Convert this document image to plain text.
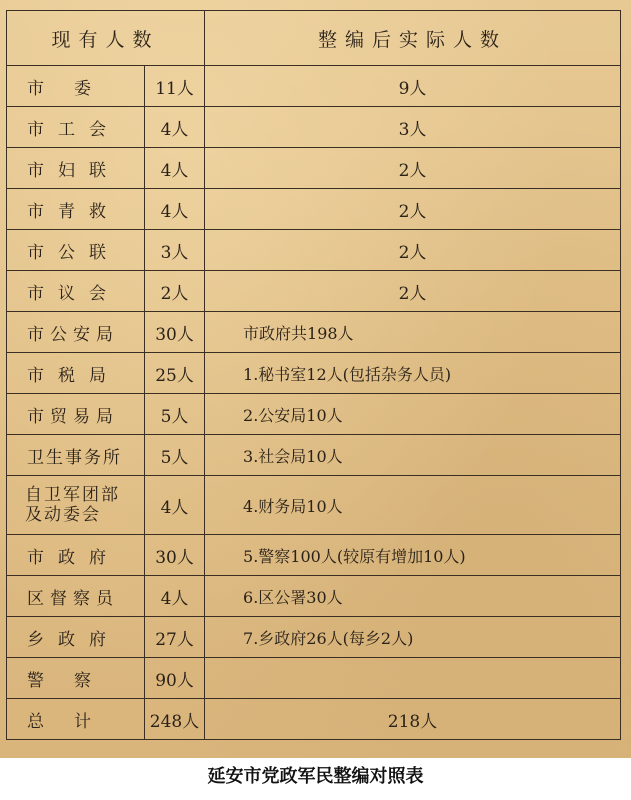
现有人数		整编后实际人数
市委	11人	9人
市工会	4人	3人
市妇联	4人	2人
市青救	4人	2人
市公联	3人	2人
市议会	2人	2人
市公安局	30人	市政府共198人
市税局	25人	1.秘书室12人(包括杂务人员)
市贸易局	5人	2.公安局10人
卫生事务所	5人	3.社会局10人
自卫军团部
及动委会	4人	4.财务局10人
市政府	30人	5.警察100人(较原有增加10人)
区督察员	4人	6.区公署30人
乡政府	27人	7.乡政府26人(每乡2人)
警察	90人	
总计	248人	218人
延安市党政军民整编对照表
